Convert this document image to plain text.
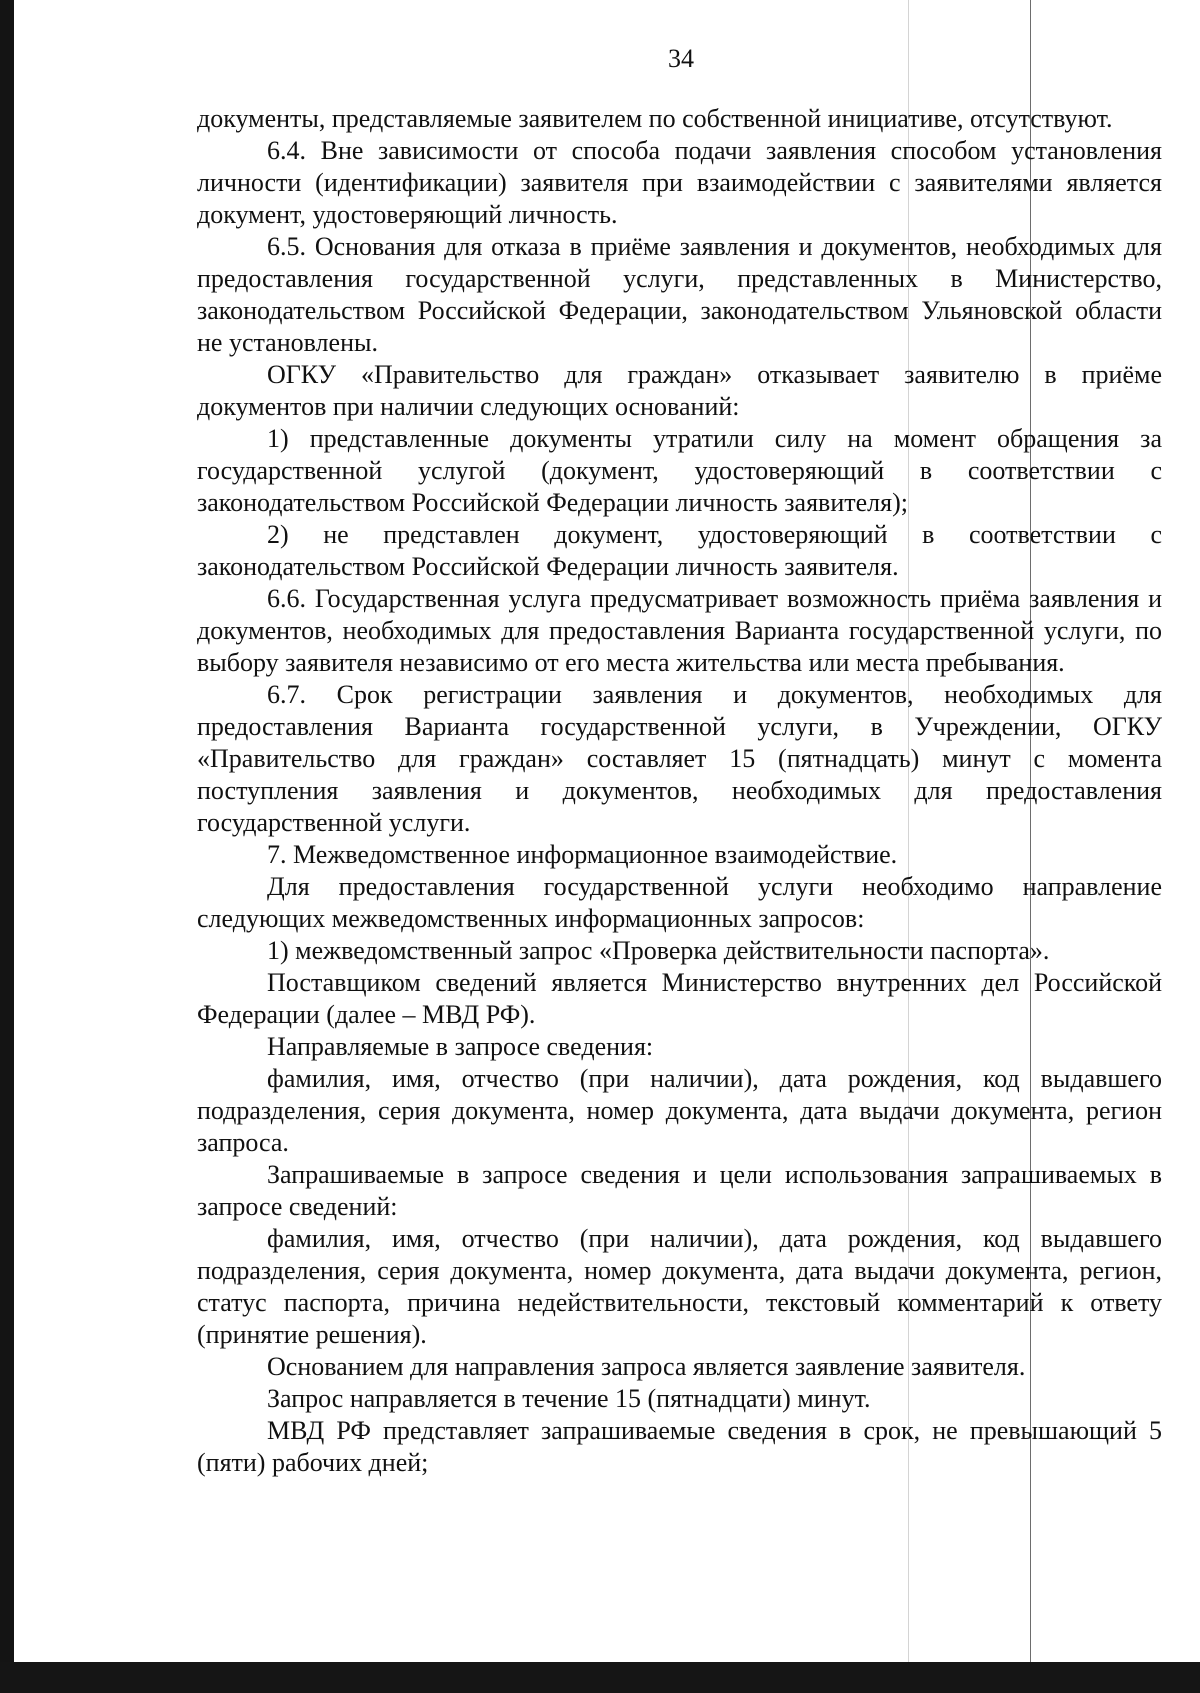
34

документы, представляемые заявителем по собственной инициативе, отсутствуют.

6.4. Вне зависимости от способа подачи заявления способом установления личности (идентификации) заявителя при взаимодействии с заявителями является документ, удостоверяющий личность.

6.5. Основания для отказа в приёме заявления и документов, необходимых для предоставления государственной услуги, представленных в Министерство, законодательством Российской Федерации, законодательством Ульяновской области не установлены.

ОГКУ «Правительство для граждан» отказывает заявителю в приёме документов при наличии следующих оснований:

1) представленные документы утратили силу на момент обращения за государственной услугой (документ, удостоверяющий в соответствии с законодательством Российской Федерации личность заявителя);

2) не представлен документ, удостоверяющий в соответствии с законодательством Российской Федерации личность заявителя.

6.6. Государственная услуга предусматривает возможность приёма заявления и документов, необходимых для предоставления Варианта государственной услуги, по выбору заявителя независимо от его места жительства или места пребывания.

6.7. Срок регистрации заявления и документов, необходимых для предоставления Варианта государственной услуги, в Учреждении, ОГКУ «Правительство для граждан» составляет 15 (пятнадцать) минут с момента поступления заявления и документов, необходимых для предоставления государственной услуги.

7. Межведомственное информационное взаимодействие.

Для предоставления государственной услуги необходимо направление следующих межведомственных информационных запросов:

1) межведомственный запрос «Проверка действительности паспорта».

Поставщиком сведений является Министерство внутренних дел Российской Федерации (далее – МВД РФ).

Направляемые в запросе сведения:

фамилия, имя, отчество (при наличии), дата рождения, код выдавшего подразделения, серия документа, номер документа, дата выдачи документа, регион запроса.

Запрашиваемые в запросе сведения и цели использования запрашиваемых в запросе сведений:

фамилия, имя, отчество (при наличии), дата рождения, код выдавшего подразделения, серия документа, номер документа, дата выдачи документа, регион, статус паспорта, причина недействительности, текстовый комментарий к ответу (принятие решения).

Основанием для направления запроса является заявление заявителя.

Запрос направляется в течение 15 (пятнадцати) минут.

МВД РФ представляет запрашиваемые сведения в срок, не превышающий 5 (пяти) рабочих дней;
